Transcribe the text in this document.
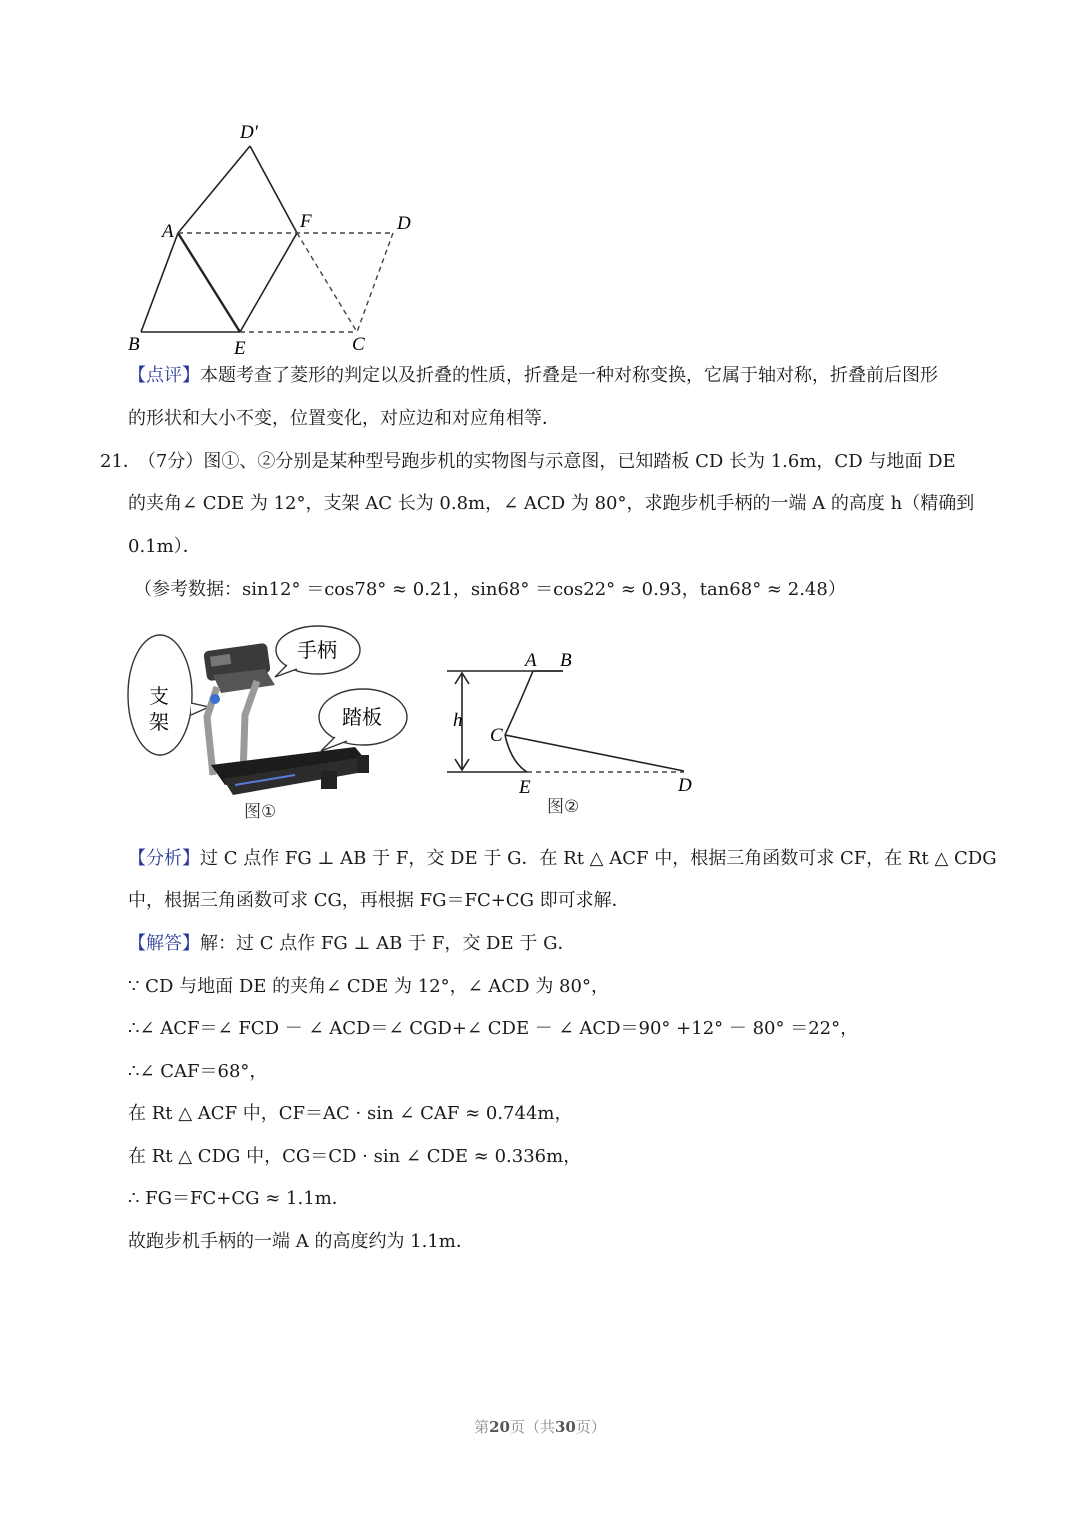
D′
A	F	D
B	E	C
【点评】本题考查了菱形的判定以及折叠的性质，折叠是一种对称变换，它属于轴对称，折叠前后图形
的形状和大小不变，位置变化，对应边和对应角相等．
21． （7分）图①、②分别是某种型号跑步机的实物图与示意图，已知踏板 CD 长为 1.6m，CD 与地面 DE
的夹角∠ CDE 为 12°，支架 AC 长为 0.8m，∠ ACD 为 80°，求跑步机手柄的一端 A 的高度 h（精确到
0.1m）．
（参考数据：sin12° ＝cos78° ≈ 0.21，sin68° ＝cos22° ≈ 0.93，tan68° ≈ 2.48）
支
架
手柄
踏板
图①
A B
C
h
E	D
图②
【分析】过 C 点作 FG ⊥ AB 于 F，交 DE 于 G．在 Rt △ ACF 中，根据三角函数可求 CF，在 Rt △ CDG
中，根据三角函数可求 CG，再根据 FG＝FC+CG 即可求解．
【解答】解：过 C 点作 FG ⊥ AB 于 F，交 DE 于 G．
∵ CD 与地面 DE 的夹角∠ CDE 为 12°，∠ ACD 为 80°，
∴∠ ACF＝∠ FCD － ∠ ACD＝∠ CGD+∠ CDE － ∠ ACD＝90° +12° － 80° ＝22°，
∴∠ CAF＝68°，
在 Rt △ ACF 中，CF＝AC · sin ∠ CAF ≈ 0.744m，
在 Rt △ CDG 中，CG＝CD · sin ∠ CDE ≈ 0.336m，
∴ FG＝FC+CG ≈ 1.1m．
故跑步机手柄的一端 A 的高度约为 1.1m．
第20页（共30页）
